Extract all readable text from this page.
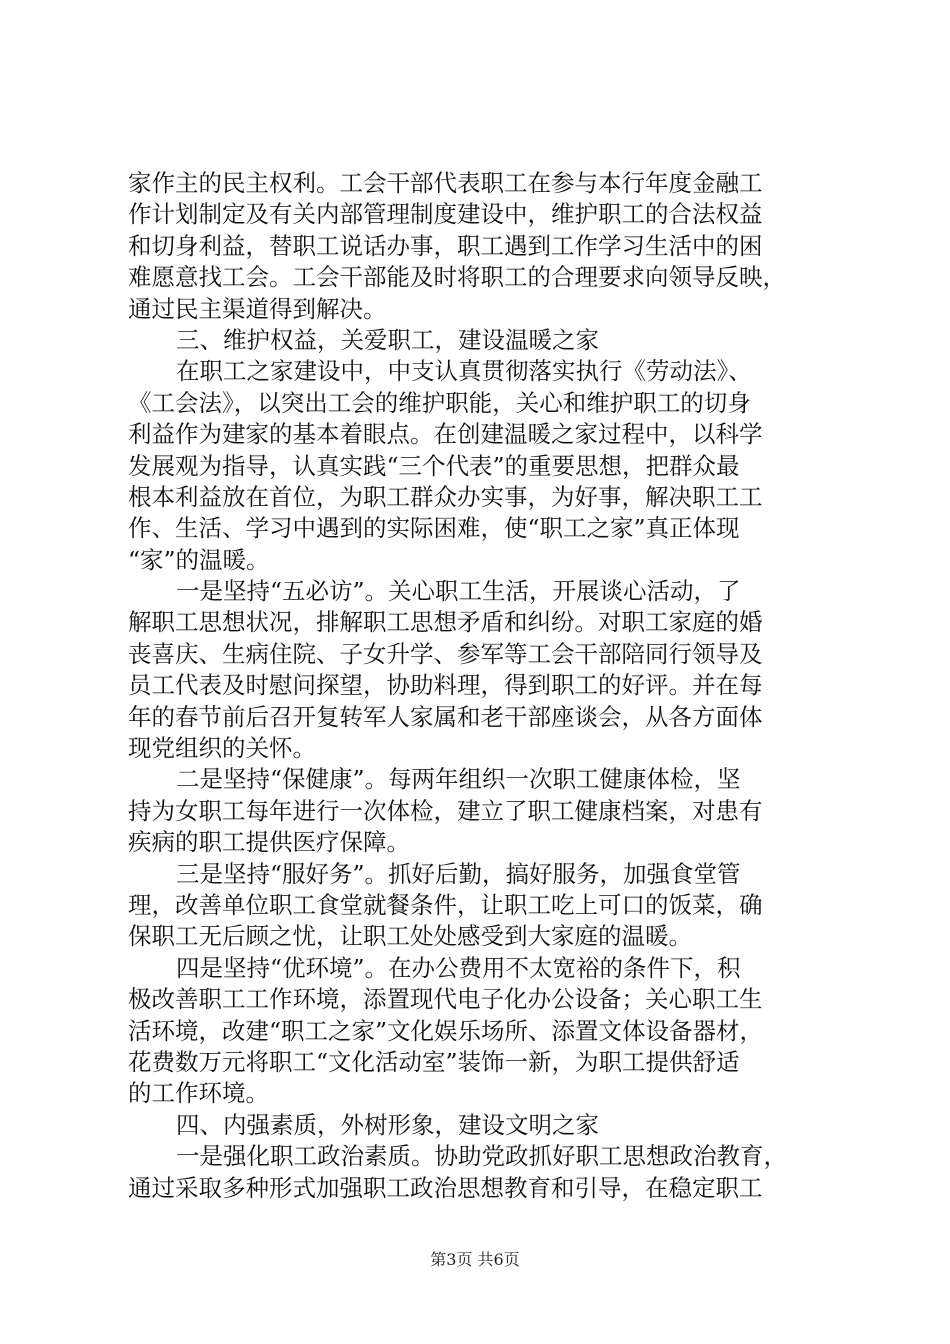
家作主的民主权利。工会干部代表职工在参与本行年度金融工
作计划制定及有关内部管理制度建设中，维护职工的合法权益
和切身利益，替职工说话办事，职工遇到工作学习生活中的困
难愿意找工会。工会干部能及时将职工的合理要求向领导反映，
通过民主渠道得到解决。
三、维护权益，关爱职工，建设温暖之家
在职工之家建设中，中支认真贯彻落实执行《劳动法》、
《工会法》，以突出工会的维护职能，关心和维护职工的切身
利益作为建家的基本着眼点。在创建温暖之家过程中，以科学
发展观为指导，认真实践“三个代表”的重要思想，把群众最
根本利益放在首位，为职工群众办实事，为好事，解决职工工
作、生活、学习中遇到的实际困难，使“职工之家”真正体现
“家”的温暖。
一是坚持“五必访”。关心职工生活，开展谈心活动，了
解职工思想状况，排解职工思想矛盾和纠纷。对职工家庭的婚
丧喜庆、生病住院、子女升学、参军等工会干部陪同行领导及
员工代表及时慰问探望，协助料理，得到职工的好评。并在每
年的春节前后召开复转军人家属和老干部座谈会，从各方面体
现党组织的关怀。
二是坚持“保健康”。每两年组织一次职工健康体检，坚
持为女职工每年进行一次体检，建立了职工健康档案，对患有
疾病的职工提供医疗保障。
三是坚持“服好务”。抓好后勤，搞好服务，加强食堂管
理，改善单位职工食堂就餐条件，让职工吃上可口的饭菜，确
保职工无后顾之忧，让职工处处感受到大家庭的温暖。
四是坚持“优环境”。在办公费用不太宽裕的条件下，积
极改善职工工作环境，添置现代电子化办公设备；关心职工生
活环境，改建“职工之家”文化娱乐场所、添置文体设备器材，
花费数万元将职工“文化活动室”装饰一新，为职工提供舒适
的工作环境。
四、内强素质，外树形象，建设文明之家
一是强化职工政治素质。协助党政抓好职工思想政治教育，
通过采取多种形式加强职工政治思想教育和引导，在稳定职工
第3页 共6页
